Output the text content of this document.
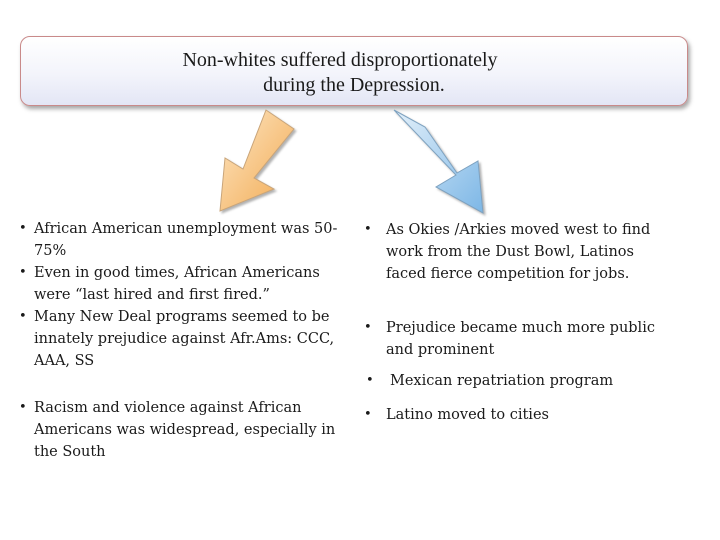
Non-whites suffered disproportionately
during the Depression.
• African American unemployment was 50-75%
• Even in good times, African Americans were “last hired and first fired.”
• Many New Deal programs seemed to be innately prejudice against Afr.Ams: CCC, AAA, SS
• Racism and violence against African Americans was widespread, especially in the South
• As Okies /Arkies moved west to find work from the Dust Bowl, Latinos faced fierce competition for jobs.
• Prejudice became much more public and prominent
• Mexican repatriation program
• Latino moved to cities
